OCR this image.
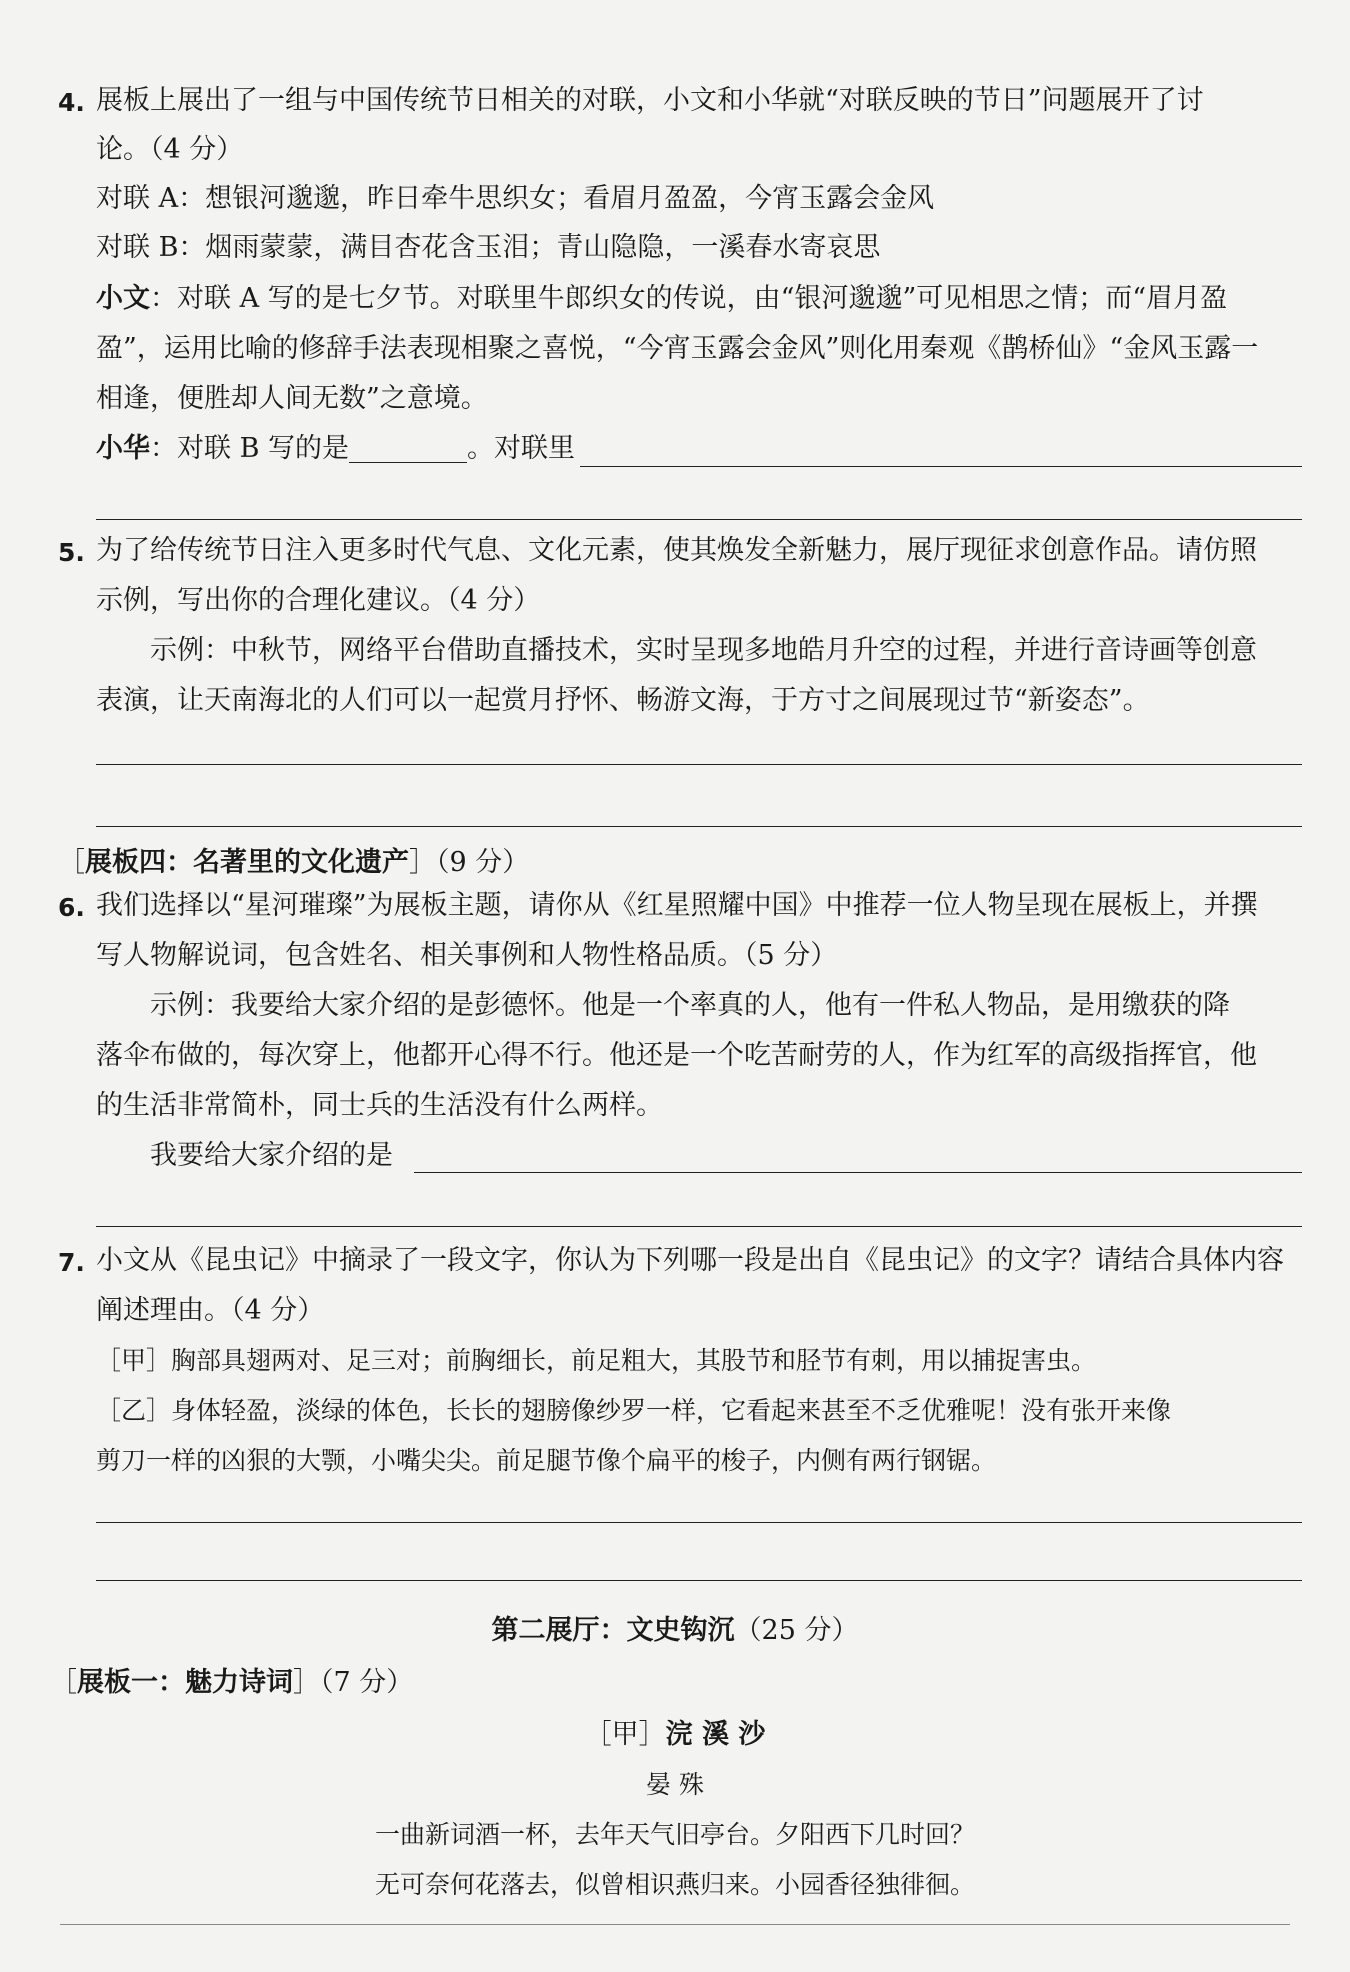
4. 展板上展出了一组与中国传统节日相关的对联，小文和小华就“对联反映的节日”问题展开了讨
论。（4 分）
对联 A：想银河邈邈，昨日牵牛思织女；看眉月盈盈，今宵玉露会金风
对联 B：烟雨蒙蒙，满目杏花含玉泪；青山隐隐，一溪春水寄哀思
小文：对联 A 写的是七夕节。对联里牛郎织女的传说，由“银河邈邈”可见相思之情；而“眉月盈
盈”，运用比喻的修辞手法表现相聚之喜悦，“今宵玉露会金风”则化用秦观《鹊桥仙》“金风玉露一
相逢，便胜却人间无数”之意境。
小华：对联 B 写的是	。对联里
5. 为了给传统节日注入更多时代气息、文化元素，使其焕发全新魅力，展厅现征求创意作品。请仿照
示例，写出你的合理化建议。（4 分）
示例：中秋节，网络平台借助直播技术，实时呈现多地皓月升空的过程，并进行音诗画等创意
表演，让天南海北的人们可以一起赏月抒怀、畅游文海，于方寸之间展现过节“新姿态”。
［展板四：名著里的文化遗产］（9 分）
6. 我们选择以“星河璀璨”为展板主题，请你从《红星照耀中国》中推荐一位人物呈现在展板上，并撰
写人物解说词，包含姓名、相关事例和人物性格品质。（5 分）
示例：我要给大家介绍的是彭德怀。他是一个率真的人，他有一件私人物品，是用缴获的降
落伞布做的，每次穿上，他都开心得不行。他还是一个吃苦耐劳的人，作为红军的高级指挥官，他
的生活非常简朴，同士兵的生活没有什么两样。
我要给大家介绍的是
7. 小文从《昆虫记》中摘录了一段文字，你认为下列哪一段是出自《昆虫记》的文字？请结合具体内容
阐述理由。（4 分）
［甲］胸部具翅两对、足三对；前胸细长，前足粗大，其股节和胫节有刺，用以捕捉害虫。
［乙］身体轻盈，淡绿的体色，长长的翅膀像纱罗一样，它看起来甚至不乏优雅呢！没有张开来像
剪刀一样的凶狠的大颚，小嘴尖尖。前足腿节像个扁平的梭子，内侧有两行钢锯。
第二展厅：文史钩沉（25 分）
［展板一：魅力诗词］（7 分）
［甲］浣 溪 沙
晏 殊
一曲新词酒一杯，去年天气旧亭台。夕阳西下几时回？
无可奈何花落去，似曾相识燕归来。小园香径独徘徊。
